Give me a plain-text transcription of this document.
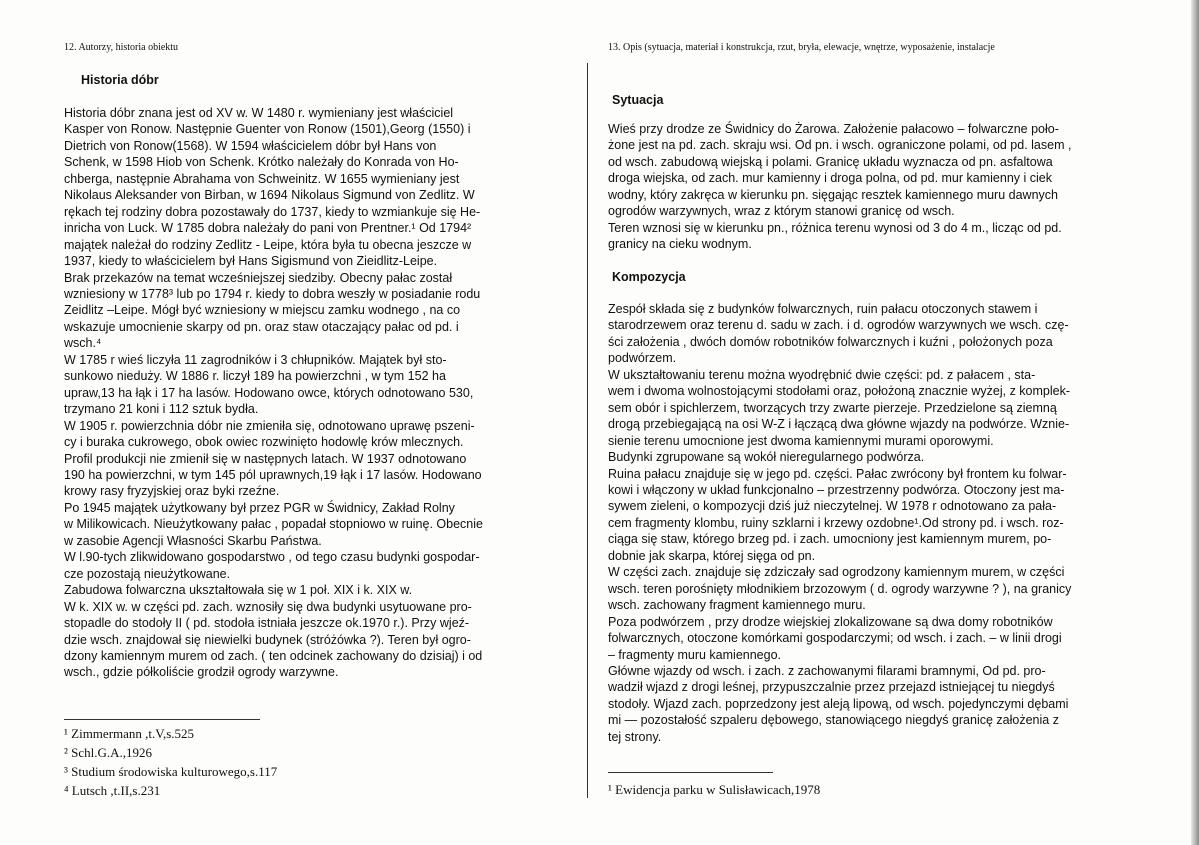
12. Autorzy, historia obiektu
Historia dóbr
Historia dóbr znana jest od XV w. W 1480 r. wymieniany jest właściciel
Kasper von Ronow. Następnie Guenter von Ronow (1501),Georg (1550) i
Dietrich von Ronow(1568). W 1594 właścicielem dóbr był Hans von
Schenk, w 1598 Hiob von Schenk. Krótko należały do Konrada von Ho-
chberga, następnie Abrahama von Schweinitz. W 1655 wymieniany jest
Nikolaus Aleksander von Birban, w 1694 Nikolaus Sigmund von Zedlitz. W
rękach tej rodziny dobra pozostawały do 1737, kiedy to wzmiankuje się He-
inricha von Luck. W 1785 dobra należały do pani von Prentner.¹ Od 1794²
majątek należał do rodziny Zedlitz - Leipe, która była tu obecna jeszcze w
1937, kiedy to właścicielem był Hans Sigismund von Zieidlitz-Leipe.
Brak przekazów na temat wcześniejszej siedziby. Obecny pałac został
wzniesiony w 1778³ lub po 1794 r. kiedy to dobra weszły w posiadanie rodu
Zeidlitz –Leipe. Mógł być wzniesiony w miejscu zamku wodnego , na co
wskazuje umocnienie skarpy od pn. oraz staw otaczający pałac od pd. i
wsch.⁴
W 1785 r wieś liczyła 11 zagrodników i 3 chłupników. Majątek był sto-
sunkowo nieduży. W 1886 r. liczył 189 ha powierzchni , w tym 152 ha
upraw,13 ha łąk i 17 ha lasów. Hodowano owce, których odnotowano 530,
trzymano 21 koni i 112 sztuk bydła.
W 1905 r. powierzchnia dóbr nie zmieniła się, odnotowano uprawę pszeni-
cy i buraka cukrowego, obok owiec rozwinięto hodowlę krów mlecznych.
Profil produkcji nie zmienił się w następnych latach. W 1937 odnotowano
190 ha powierzchni, w tym 145 pól uprawnych,19 łąk i 17 lasów. Hodowano
krowy rasy fryzyjskiej oraz byki rzeźne.
Po 1945 majątek użytkowany był przez PGR w Świdnicy, Zakład Rolny
w Milikowicach. Nieużytkowany pałac , popadał stopniowo w ruinę. Obecnie
w zasobie Agencji Własności Skarbu Państwa.
W l.90-tych zlikwidowano gospodarstwo , od tego czasu budynki gospodar-
cze pozostają nieużytkowane.
Zabudowa folwarczna ukształtowała się w 1 poł. XIX i k. XIX w.
W k. XIX w. w części pd. zach. wznosiły się dwa budynki usytuowane pro-
stopadle do stodoły II ( pd. stodoła istniała jeszcze ok.1970 r.). Przy wjeź-
dzie wsch. znajdował się niewielki budynek (stróżówka ?). Teren był ogro-
dzony kamiennym murem od zach. ( ten odcinek zachowany do dzisiaj) i od
wsch., gdzie półkoliście grodził ogrody warzywne.
¹ Zimmermann ,t.V,s.525
² Schl.G.A.,1926
³ Studium środowiska kulturowego,s.117
⁴ Lutsch ,t.II,s.231
13. Opis (sytuacja, materiał i konstrukcja, rzut, bryła, elewacje, wnętrze, wyposażenie, instalacje
Sytuacja
Wieś przy drodze ze Świdnicy do Żarowa. Założenie pałacowo – folwarczne poło-
żone jest na pd. zach. skraju wsi. Od pn. i wsch. ograniczone polami, od pd. lasem ,
od wsch. zabudową wiejską i polami. Granicę układu wyznacza od pn. asfaltowa
droga wiejska, od zach. mur kamienny i droga polna, od pd. mur kamienny i ciek
wodny, który zakręca w kierunku pn. sięgając resztek kamiennego muru dawnych
ogrodów warzywnych, wraz z którym stanowi granicę od wsch.
Teren wznosi się w kierunku pn., różnica terenu wynosi od 3 do 4 m., licząc od pd.
granicy na cieku wodnym.
Kompozycja
Zespół składa się z budynków folwarcznych, ruin pałacu otoczonych stawem i
starodrzewem oraz terenu d. sadu w zach. i d. ogrodów warzywnych we wsch. czę-
ści założenia , dwóch domów robotników folwarcznych i kuźni , położonych poza
podwórzem.
W ukształtowaniu terenu można wyodrębnić dwie części: pd. z pałacem , sta-
wem i dwoma wolnostojącymi stodołami oraz, położoną znacznie wyżej, z komplek-
sem obór i spichlerzem, tworzących trzy zwarte pierzeje. Przedzielone są ziemną
drogą przebiegającą na osi W-Z i łączącą dwa główne wjazdy na podwórze. Wznie-
sienie terenu umocnione jest dwoma kamiennymi murami oporowymi.
Budynki zgrupowane są wokół nieregularnego podwórza.
Ruina pałacu znajduje się w jego pd. części. Pałac zwrócony był frontem ku folwar-
kowi i włączony w układ funkcjonalno – przestrzenny podwórza. Otoczony jest ma-
sywem zieleni, o kompozycji dziś już nieczytelnej. W 1978 r odnotowano za pała-
cem fragmenty klombu, ruiny szklarni i krzewy ozdobne¹.Od strony pd. i wsch. roz-
ciąga się staw, którego brzeg pd. i zach. umocniony jest kamiennym murem, po-
dobnie jak skarpa, której sięga od pn.
W części zach. znajduje się zdziczały sad ogrodzony kamiennym murem, w części
wsch. teren porośnięty młodnikiem brzozowym ( d. ogrody warzywne ? ), na granicy
wsch. zachowany fragment kamiennego muru.
Poza podwórzem , przy drodze wiejskiej zlokalizowane są dwa domy robotników
folwarcznych, otoczone komórkami gospodarczymi; od wsch. i zach. – w linii drogi
– fragmenty muru kamiennego.
Główne wjazdy od wsch. i zach. z zachowanymi filarami bramnymi, Od pd. pro-
wadził wjazd z drogi leśnej, przypuszczalnie przez przejazd istniejącej tu niegdyś
stodoły. Wjazd zach. poprzedzony jest aleją lipową, od wsch. pojedynczymi dębami
mi — pozostałość szpaleru dębowego, stanowiącego niegdyś granicę założenia z
tej strony.
¹ Ewidencja parku w Sulisławicach,1978
